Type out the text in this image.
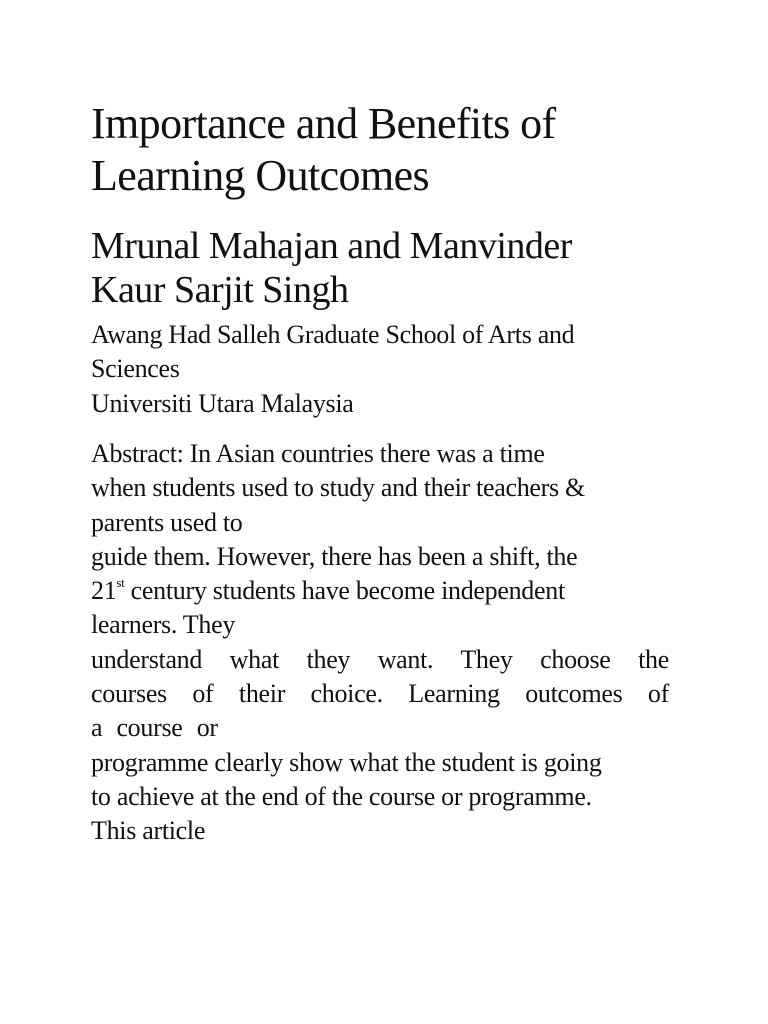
Importance and Benefits of
Learning Outcomes
Mrunal Mahajan and Manvinder
Kaur Sarjit Singh
Awang Had Salleh Graduate School of Arts and
Sciences
Universiti Utara Malaysia
Abstract: In Asian countries there was a time
when students used to study and their teachers &
parents used to
guide them. However, there has been a shift, the
21st century students have become independent
learners. They
understand what they want. They choose the
courses of their choice. Learning outcomes of
a course or
programme clearly show what the student is going
to achieve at the end of the course or programme.
This article
